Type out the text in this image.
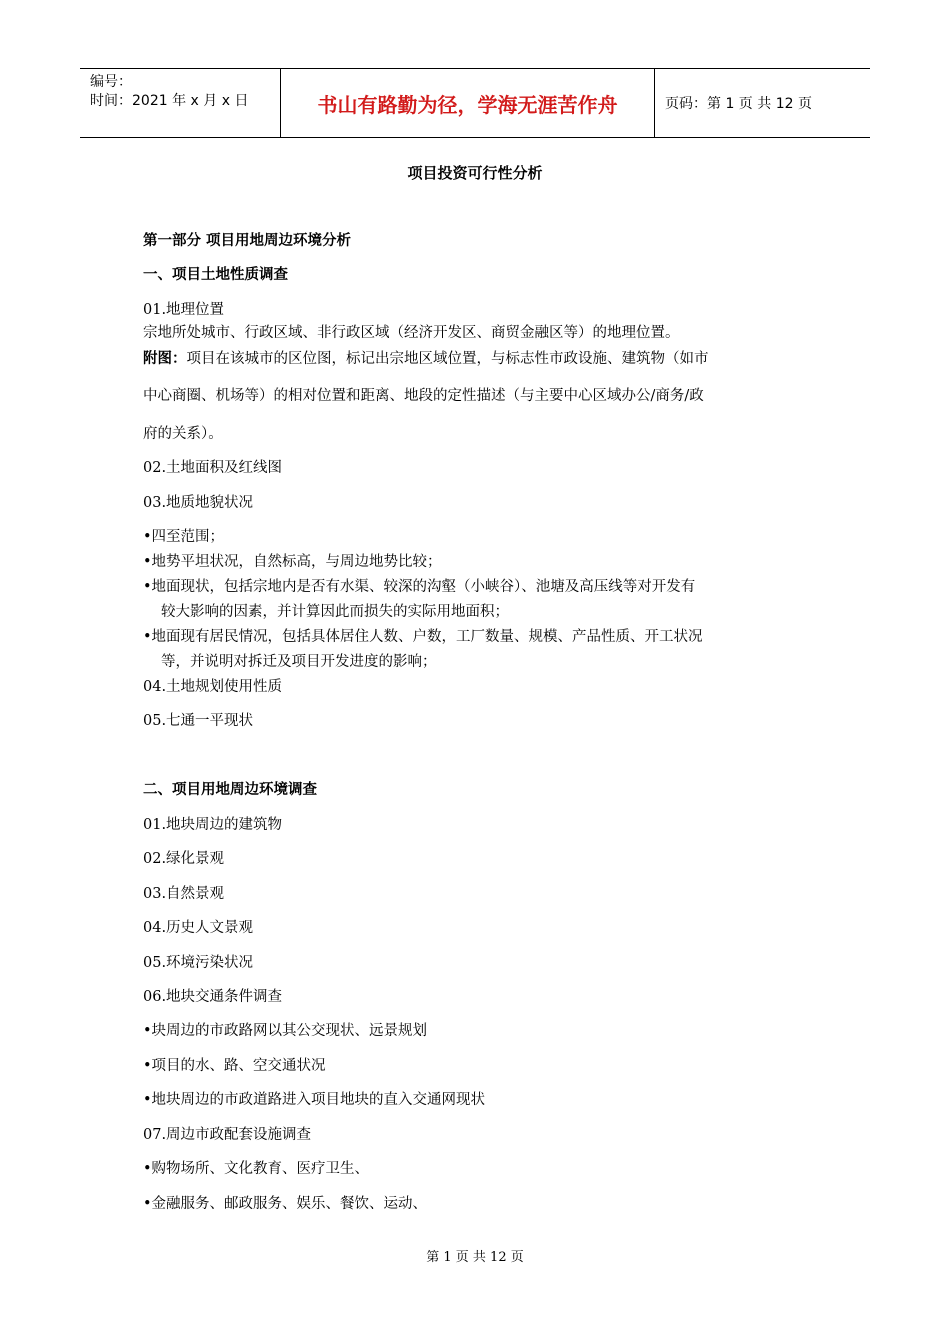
编号：
时间：2021 年 x 月 x 日	书山有路勤为径，学海无涯苦作舟	页码：第 1 页 共 12 页
项目投资可行性分析
第一部分 项目用地周边环境分析
一、项目土地性质调查
01.地理位置
宗地所处城市、行政区域、非行政区域（经济开发区、商贸金融区等）的地理位置。
附图：项目在该城市的区位图，标记出宗地区域位置，与标志性市政设施、建筑物（如市
中心商圈、机场等）的相对位置和距离、地段的定性描述（与主要中心区域办公/商务/政
府的关系）。
02.土地面积及红线图
03.地质地貌状况
•四至范围；
•地势平坦状况，自然标高，与周边地势比较；
•地面现状，包括宗地内是否有水渠、较深的沟壑（小峡谷）、池塘及高压线等对开发有
较大影响的因素，并计算因此而损失的实际用地面积；
•地面现有居民情况，包括具体居住人数、户数，工厂数量、规模、产品性质、开工状况
等，并说明对拆迁及项目开发进度的影响；
04.土地规划使用性质
05.七通一平现状
二、项目用地周边环境调查
01.地块周边的建筑物
02.绿化景观
03.自然景观
04.历史人文景观
05.环境污染状况
06.地块交通条件调查
•块周边的市政路网以其公交现状、远景规划
•项目的水、路、空交通状况
•地块周边的市政道路进入项目地块的直入交通网现状
07.周边市政配套设施调查
•购物场所、文化教育、医疗卫生、
•金融服务、邮政服务、娱乐、餐饮、运动、
第 1 页 共 12 页
